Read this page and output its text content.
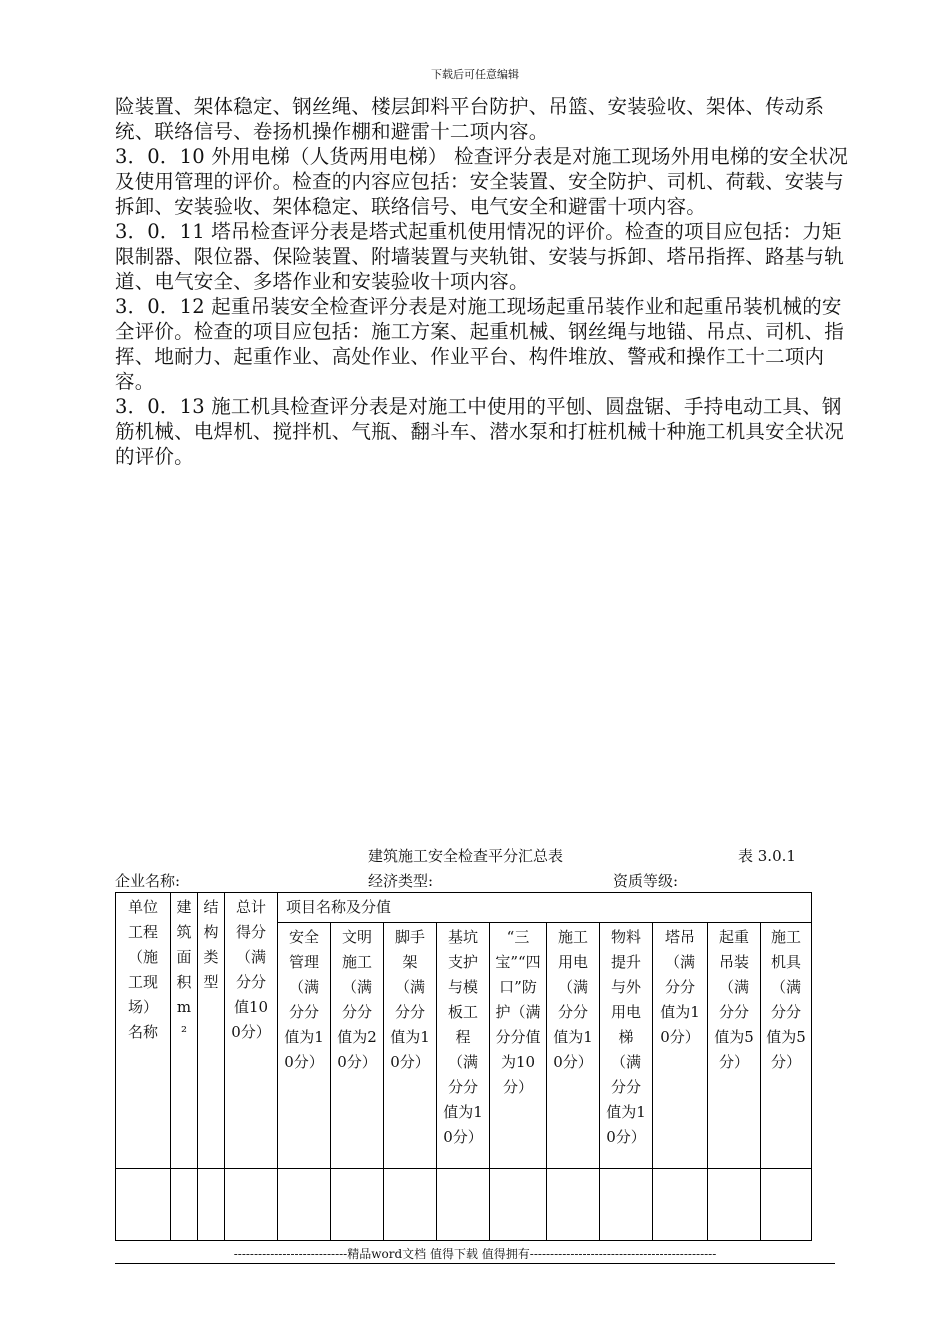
下载后可任意编辑

险装置、架体稳定、钢丝绳、楼层卸料平台防护、吊篮、安装验收、架体、传动系统、联络信号、卷扬机操作棚和避雷十二项内容。

3．0．10 外用电梯（人货两用电梯） 检查评分表是对施工现场外用电梯的安全状况及使用管理的评价。检查的内容应包括：安全装置、安全防护、司机、荷载、安装与拆卸、安装验收、架体稳定、联络信号、电气安全和避雷十项内容。

3．0．11 塔吊检查评分表是塔式起重机使用情况的评价。检查的项目应包括：力矩限制器、限位器、保险装置、附墙装置与夹轨钳、安装与拆卸、塔吊指挥、路基与轨道、电气安全、多塔作业和安装验收十项内容。

3．0．12 起重吊装安全检查评分表是对施工现场起重吊装作业和起重吊装机械的安全评价。检查的项目应包括：施工方案、起重机械、钢丝绳与地锚、吊点、司机、指挥、地耐力、起重作业、高处作业、作业平台、构件堆放、警戒和操作工十二项内容。

3．0．13 施工机具检查评分表是对施工中使用的平刨、圆盘锯、手持电动工具、钢筋机械、电焊机、搅拌机、气瓶、翻斗车、潜水泵和打桩机械十种施工机具安全状况的评价。

建筑施工安全检查平分汇总表	表 3.0.1
企业名称:	经济类型:	资质等级:
单位工程（施工现场）名称	建筑面积m²	结构类型	总计得分（满分分值100分）	项目名称及分值									
				安全管理（满分分值为10分）	文明施工（满分分值为20分）	脚手架（满分分值为10分）	基坑支护与模板工程（满分分值为10分）	“三宝”“四口”防护（满分分值为10分）	施工用电（满分分值为10分）	物料提升与外用电梯（满分分值为10分）	塔吊（满分分值为10分）	起重吊装（满分分值为5分）	施工机具（满分分值为5分）

----------------------------精品word文档 值得下载 值得拥有----------------------------------------------
